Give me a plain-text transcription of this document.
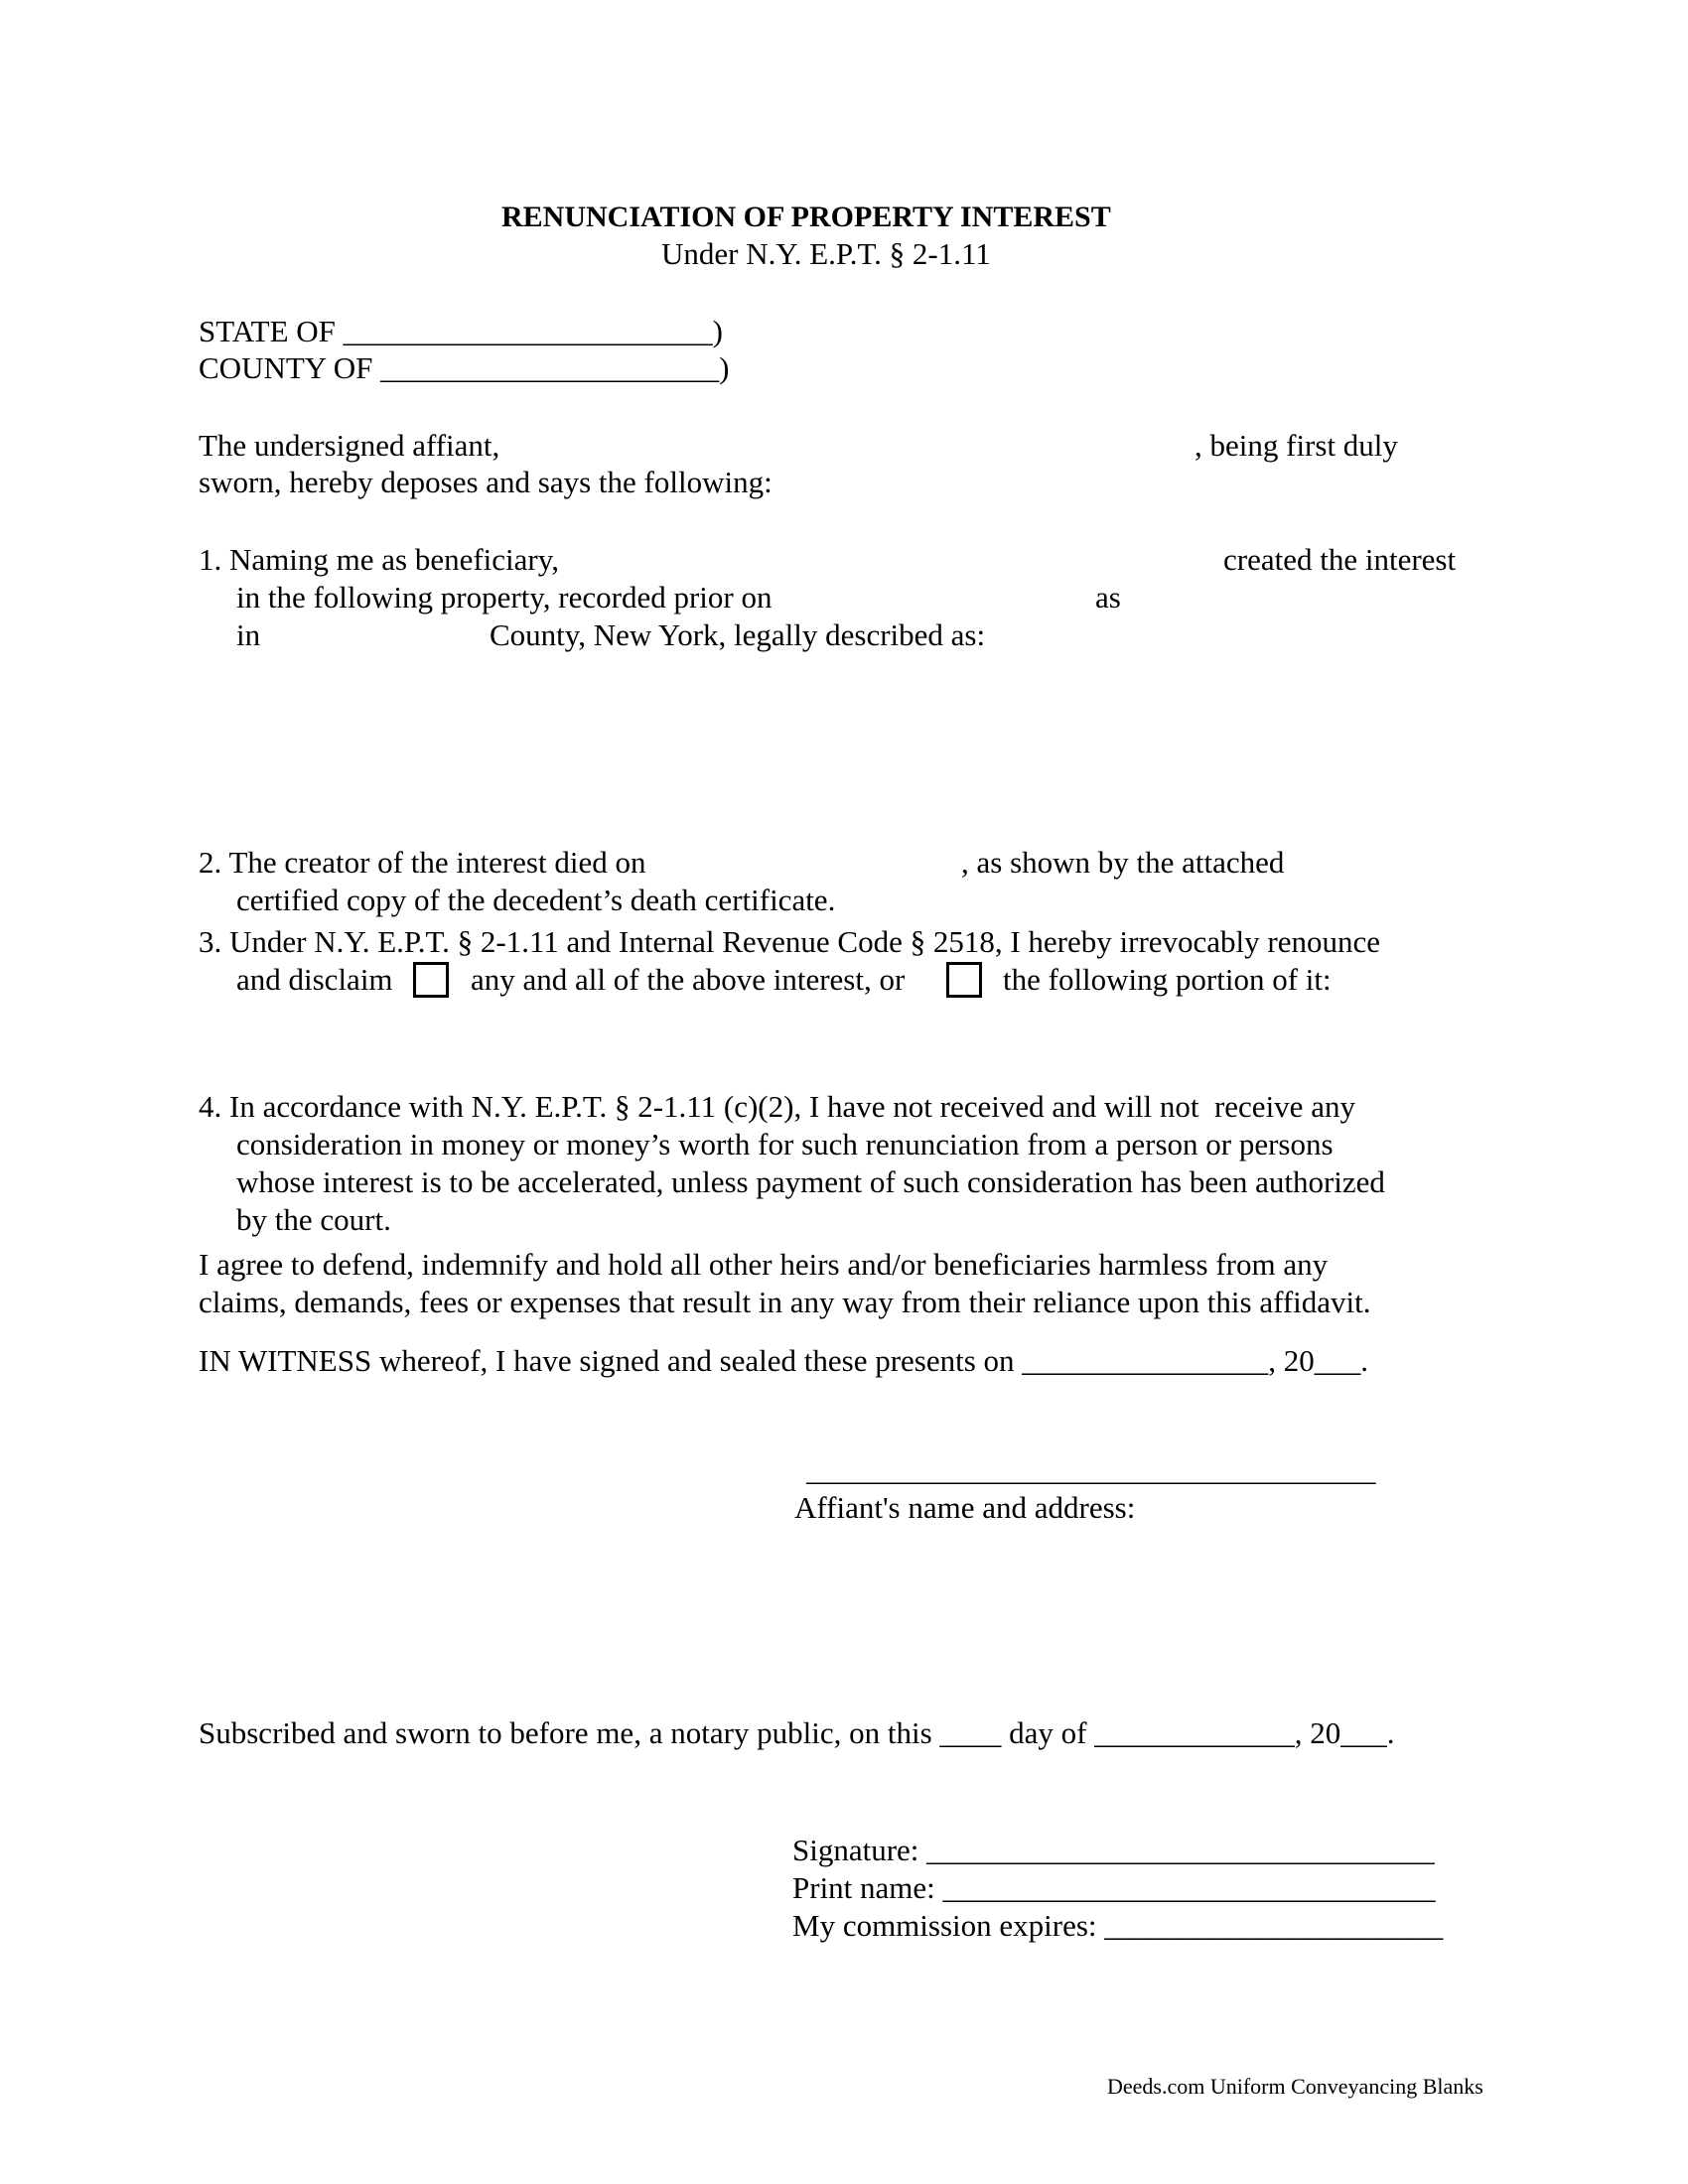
RENUNCIATION OF PROPERTY INTEREST
Under N.Y. E.P.T. § 2-1.11
STATE OF ________________________)
COUNTY OF ______________________)
The undersigned affiant,	, being first duly
sworn, hereby deposes and says the following:
1. Naming me as beneficiary,	created the interest
in the following property, recorded prior on	as
in	County, New York, legally described as:
2. The creator of the interest died on	, as shown by the attached
certified copy of the decedent’s death certificate.
3. Under N.Y. E.P.T. § 2-1.11 and Internal Revenue Code § 2518, I hereby irrevocably renounce
and disclaim	any and all of the above interest, or	the following portion of it:
4. In accordance with N.Y. E.P.T. § 2-1.11 (c)(2), I have not received and will not  receive any
consideration in money or money’s worth for such renunciation from a person or persons
whose interest is to be accelerated, unless payment of such consideration has been authorized
by the court.
I agree to defend, indemnify and hold all other heirs and/or beneficiaries harmless from any
claims, demands, fees or expenses that result in any way from their reliance upon this affidavit.
IN WITNESS whereof, I have signed and sealed these presents on ________________, 20___.
_____________________________________
Affiant's name and address:
Subscribed and sworn to before me, a notary public, on this ____ day of _____________, 20___.
Signature: _________________________________
Print name: ________________________________
My commission expires: ______________________
Deeds.com Uniform Conveyancing Blanks
